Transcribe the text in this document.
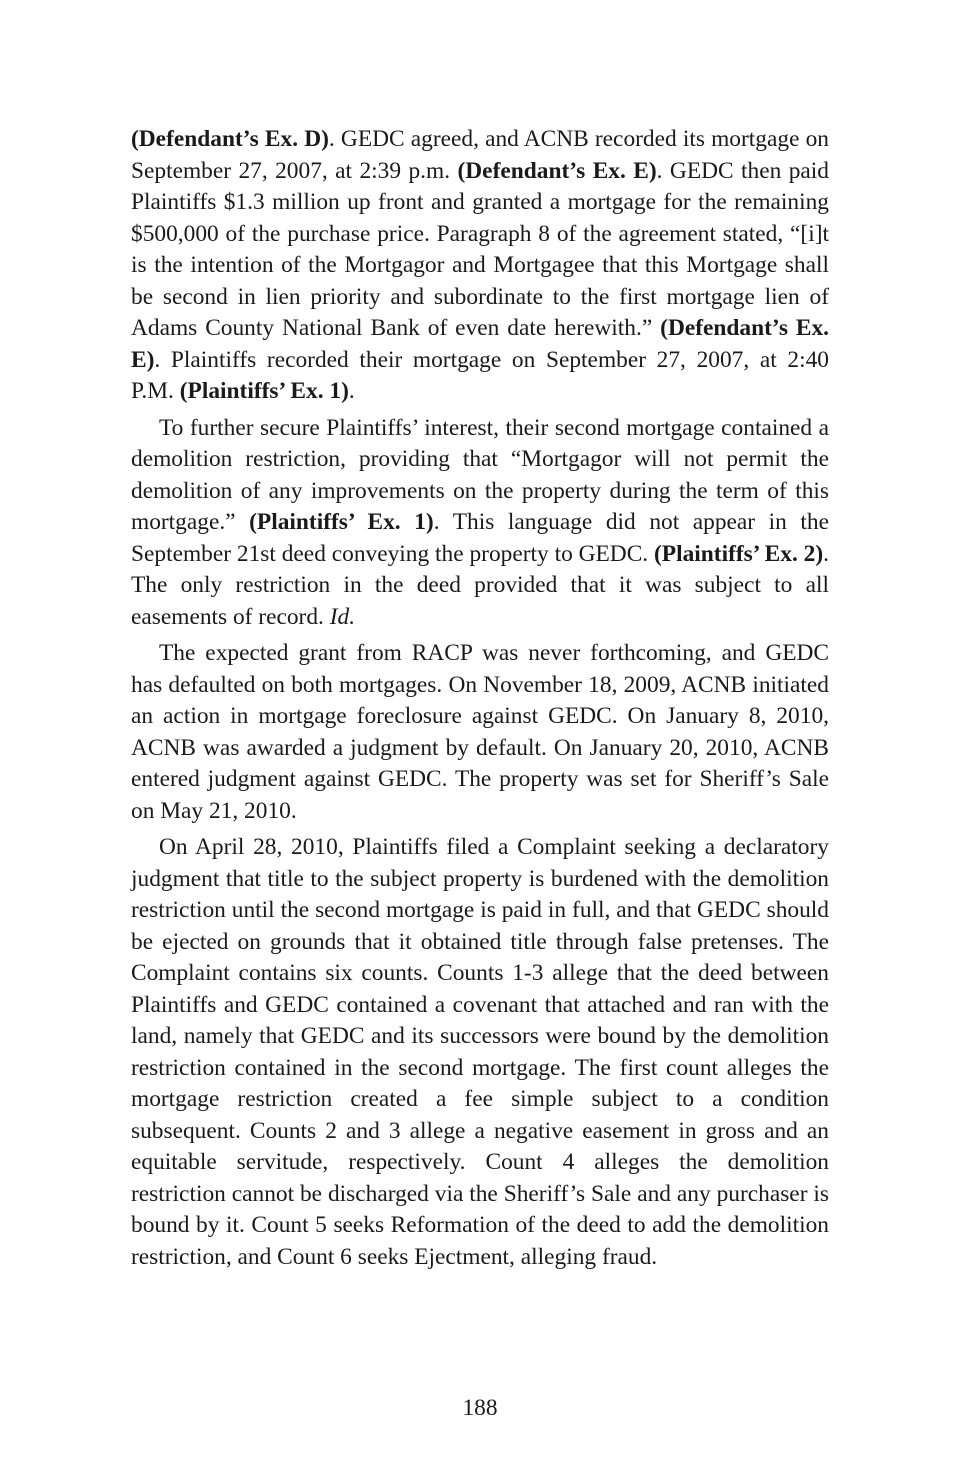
(Defendant’s Ex. D). GEDC agreed, and ACNB recorded its mortgage on September 27, 2007, at 2:39 p.m. (Defendant’s Ex. E). GEDC then paid Plaintiffs $1.3 million up front and granted a mortgage for the remaining $500,000 of the purchase price. Paragraph 8 of the agreement stated, “[i]t is the intention of the Mortgagor and Mortgagee that this Mortgage shall be second in lien priority and subordinate to the first mortgage lien of Adams County National Bank of even date herewith.” (Defendant’s Ex. E). Plaintiffs recorded their mortgage on September 27, 2007, at 2:40 P.M. (Plaintiffs’ Ex. 1).

To further secure Plaintiffs’ interest, their second mortgage contained a demolition restriction, providing that “Mortgagor will not permit the demolition of any improvements on the property during the term of this mortgage.” (Plaintiffs’ Ex. 1). This language did not appear in the September 21st deed conveying the property to GEDC. (Plaintiffs’ Ex. 2). The only restriction in the deed provided that it was subject to all easements of record. Id.

The expected grant from RACP was never forthcoming, and GEDC has defaulted on both mortgages. On November 18, 2009, ACNB initiated an action in mortgage foreclosure against GEDC. On January 8, 2010, ACNB was awarded a judgment by default. On January 20, 2010, ACNB entered judgment against GEDC. The property was set for Sheriff’s Sale on May 21, 2010.

On April 28, 2010, Plaintiffs filed a Complaint seeking a declaratory judgment that title to the subject property is burdened with the demolition restriction until the second mortgage is paid in full, and that GEDC should be ejected on grounds that it obtained title through false pretenses. The Complaint contains six counts. Counts 1-3 allege that the deed between Plaintiffs and GEDC contained a covenant that attached and ran with the land, namely that GEDC and its successors were bound by the demolition restriction contained in the second mortgage. The first count alleges the mortgage restriction created a fee simple subject to a condition subsequent. Counts 2 and 3 allege a negative easement in gross and an equitable servitude, respectively. Count 4 alleges the demolition restriction cannot be discharged via the Sheriff’s Sale and any purchaser is bound by it. Count 5 seeks Reformation of the deed to add the demolition restriction, and Count 6 seeks Ejectment, alleging fraud.

188
